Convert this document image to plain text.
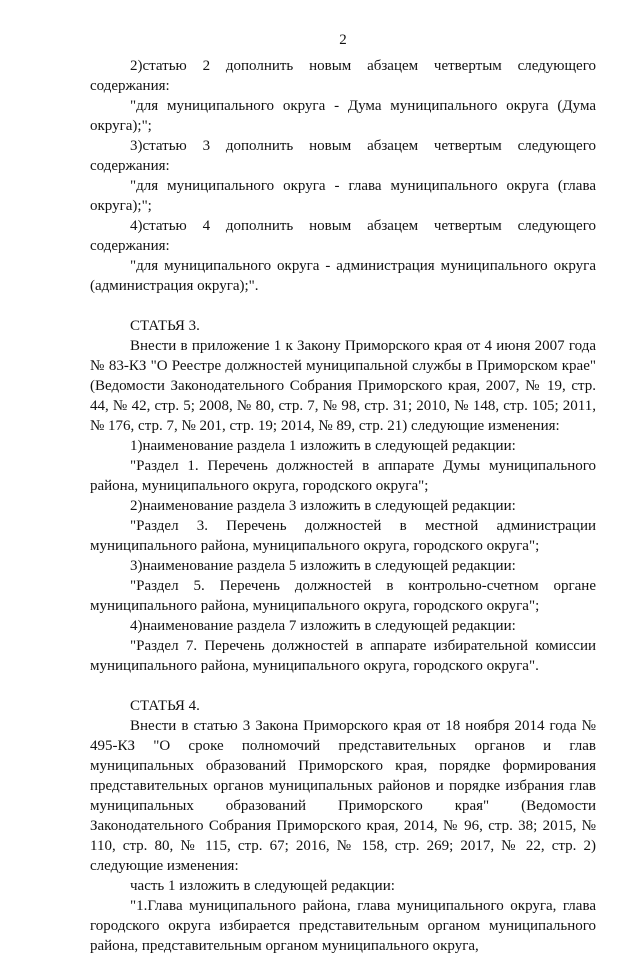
2

2)статью 2 дополнить новым абзацем четвертым следующего содержания:

"для муниципального округа - Дума муниципального округа (Дума округа);";

3)статью 3 дополнить новым абзацем четвертым следующего содержания:

"для муниципального округа - глава муниципального округа (глава округа);";

4)статью 4 дополнить новым абзацем четвертым следующего содержания:

"для муниципального округа - администрация муниципального округа (администрация округа);".

СТАТЬЯ 3.

Внести в приложение 1 к Закону Приморского края от 4 июня 2007 года № 83-КЗ "О Реестре должностей муниципальной службы в Приморском крае" (Ведомости Законодательного Собрания Приморского края, 2007, № 19, стр. 44, № 42, стр. 5; 2008, № 80, стр. 7, № 98, стр. 31; 2010, № 148, стр. 105; 2011, № 176, стр. 7, № 201, стр. 19; 2014, № 89, стр. 21) следующие изменения:

1)наименование раздела 1 изложить в следующей редакции:

"Раздел 1. Перечень должностей в аппарате Думы муниципального района, муниципального округа, городского округа";

2)наименование раздела 3 изложить в следующей редакции:

"Раздел 3. Перечень должностей в местной администрации муниципального района, муниципального округа, городского округа";

3)наименование раздела 5 изложить в следующей редакции:

"Раздел 5. Перечень должностей в контрольно-счетном органе муниципального района, муниципального округа, городского округа";

4)наименование раздела 7 изложить в следующей редакции:

"Раздел 7. Перечень должностей в аппарате избирательной комиссии муниципального района, муниципального округа, городского округа".

СТАТЬЯ 4.

Внести в статью 3 Закона Приморского края от 18 ноября 2014 года № 495-КЗ "О сроке полномочий представительных органов и глав муниципальных образований Приморского края, порядке формирования представительных органов муниципальных районов и порядке избрания глав муниципальных образований Приморского края" (Ведомости Законодательного Собрания Приморского края, 2014, № 96, стр. 38; 2015, № 110, стр. 80, № 115, стр. 67; 2016, № 158, стр. 269; 2017, № 22, стр. 2) следующие изменения:

часть 1 изложить в следующей редакции:

"1.Глава муниципального района, глава муниципального округа, глава городского округа избирается представительным органом муниципального района, представительным органом муниципального округа,
